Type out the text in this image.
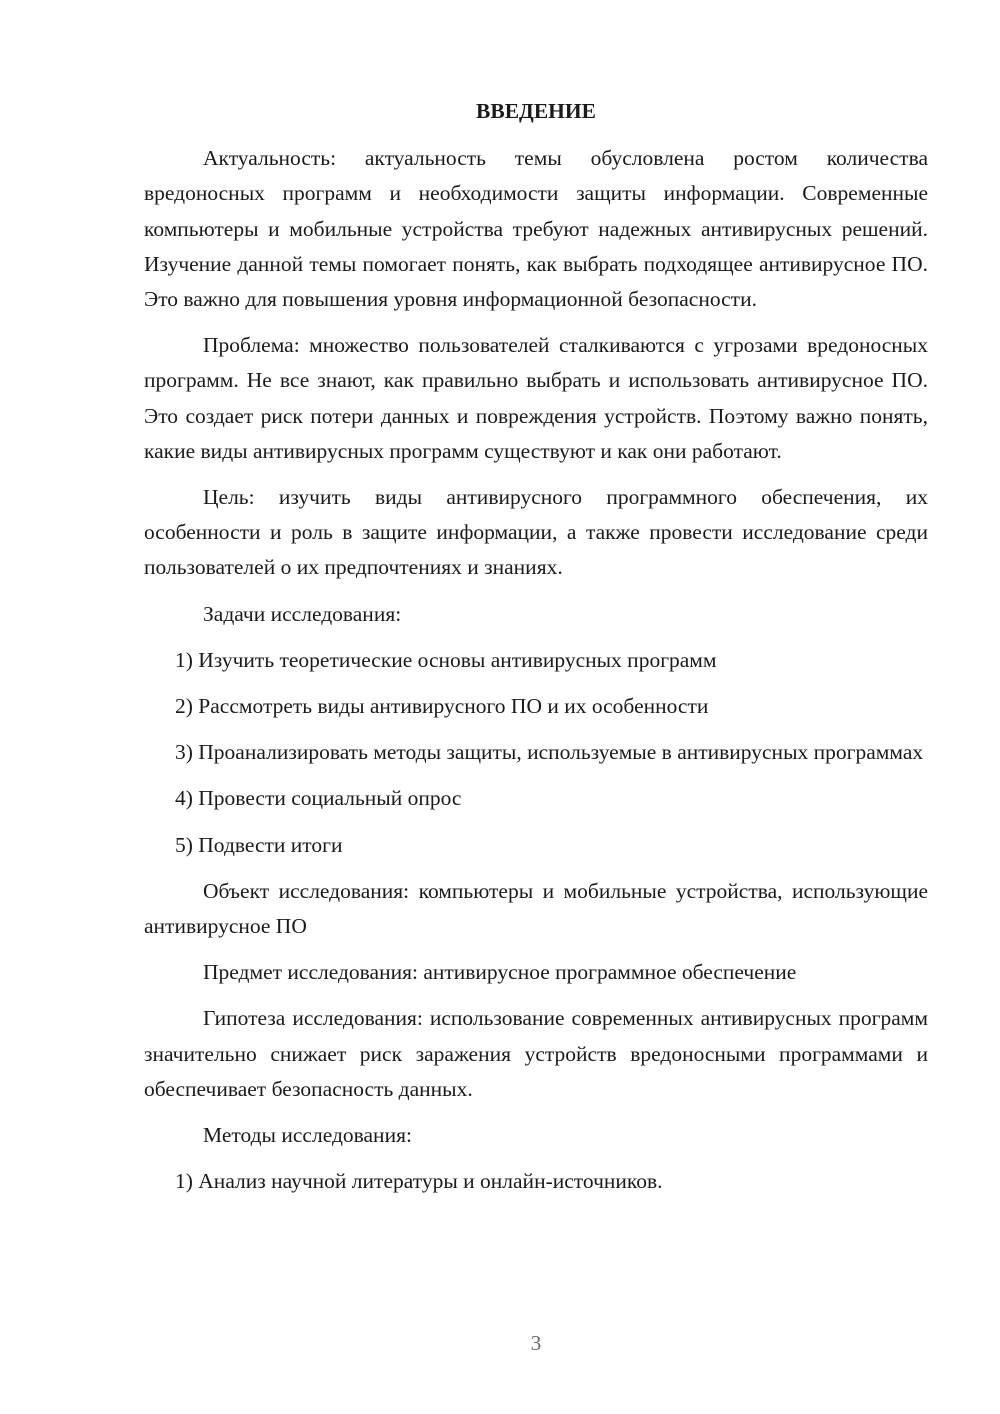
ВВЕДЕНИЕ

Актуальность: актуальность темы обусловлена ростом количества вредоносных программ и необходимости защиты информации. Современные компьютеры и мобильные устройства требуют надежных антивирусных решений. Изучение данной темы помогает понять, как выбрать подходящее антивирусное ПО. Это важно для повышения уровня информационной безопасности.

Проблема: множество пользователей сталкиваются с угрозами вредоносных программ. Не все знают, как правильно выбрать и использовать антивирусное ПО. Это создает риск потери данных и повреждения устройств. Поэтому важно понять, какие виды антивирусных программ существуют и как они работают.

Цель: изучить виды антивирусного программного обеспечения, их особенности и роль в защите информации, а также провести исследование среди пользователей о их предпочтениях и знаниях.

Задачи исследования:

1) Изучить теоретические основы антивирусных программ

2) Рассмотреть виды антивирусного ПО и их особенности

3) Проанализировать методы защиты, используемые в антивирусных программах

4) Провести социальный опрос

5) Подвести итоги

Объект исследования: компьютеры и мобильные устройства, использующие антивирусное ПО

Предмет исследования: антивирусное программное обеспечение

Гипотеза исследования: использование современных антивирусных программ значительно снижает риск заражения устройств вредоносными программами и обеспечивает безопасность данных.

Методы исследования:

1) Анализ научной литературы и онлайн-источников.

3
